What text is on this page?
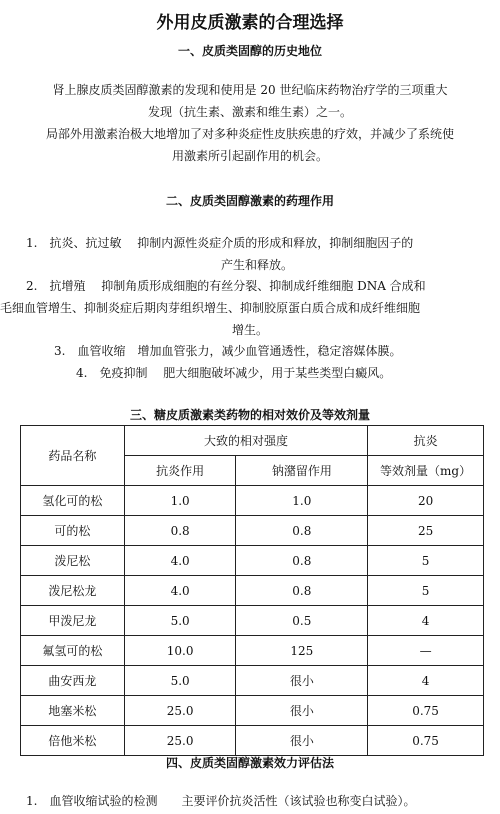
外用皮质激素的合理选择
一、皮质类固醇的历史地位
肾上腺皮质类固醇激素的发现和使用是 20 世纪临床药物治疗学的三项重大
发现（抗生素、激素和维生素）之一。
局部外用激素治极大地增加了对多种炎症性皮肤疾患的疗效，并减少了系统使
用激素所引起副作用的机会。
二、皮质类固醇激素的药理作用
1.　抗炎、抗过敏　 抑制内源性炎症介质的形成和释放，抑制细胞因子的
产生和释放。
2.　抗增殖　 抑制角质形成细胞的有丝分裂、抑制成纤维细胞 DNA 合成和
毛细血管增生、抑制炎症后期肉芽组织增生、抑制胶原蛋白质合成和成纤维细胞
增生。
3.　血管收缩　增加血管张力，减少血管通透性，稳定溶媒体膜。
4.　免疫抑制　 肥大细胞破坏减少，用于某些类型白癜风。
三、糖皮质激素类药物的相对效价及等效剂量
药品名称	大致的相对强度		抗炎
	抗炎作用	钠潴留作用	等效剂量（mg）
氢化可的松	1.0	1.0	20
可的松	0.8	0.8	25
泼尼松	4.0	0.8	5
泼尼松龙	4.0	0.8	5
甲泼尼龙	5.0	0.5	4
氟氢可的松	10.0	125	—
曲安西龙	5.0	很小	4
地塞米松	25.0	很小	0.75
倍他米松	25.0	很小	0.75
四、皮质类固醇激素效力评估法
1.　血管收缩试验的检测　　主要评价抗炎活性（该试验也称变白试验）。
